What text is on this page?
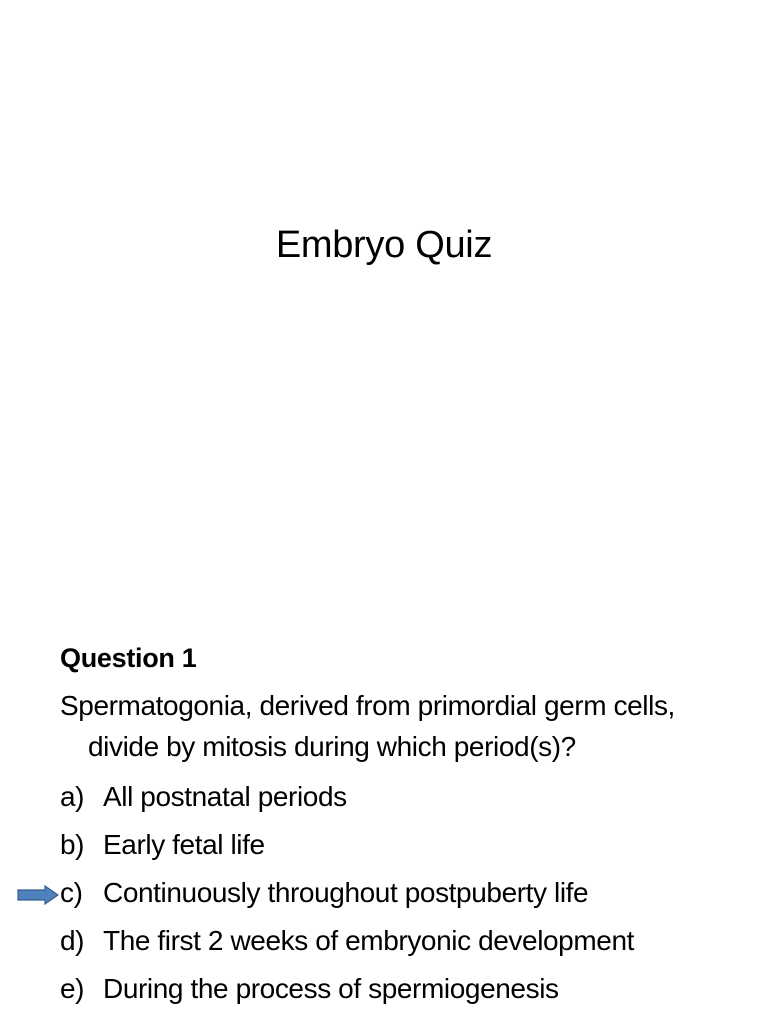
Embryo Quiz
Question 1
Spermatogonia, derived from primordial germ cells, divide by mitosis during which period(s)?
a) All postnatal periods
b) Early fetal life
c) Continuously throughout postpuberty life
d) The first 2 weeks of embryonic development
e) During the process of spermiogenesis
